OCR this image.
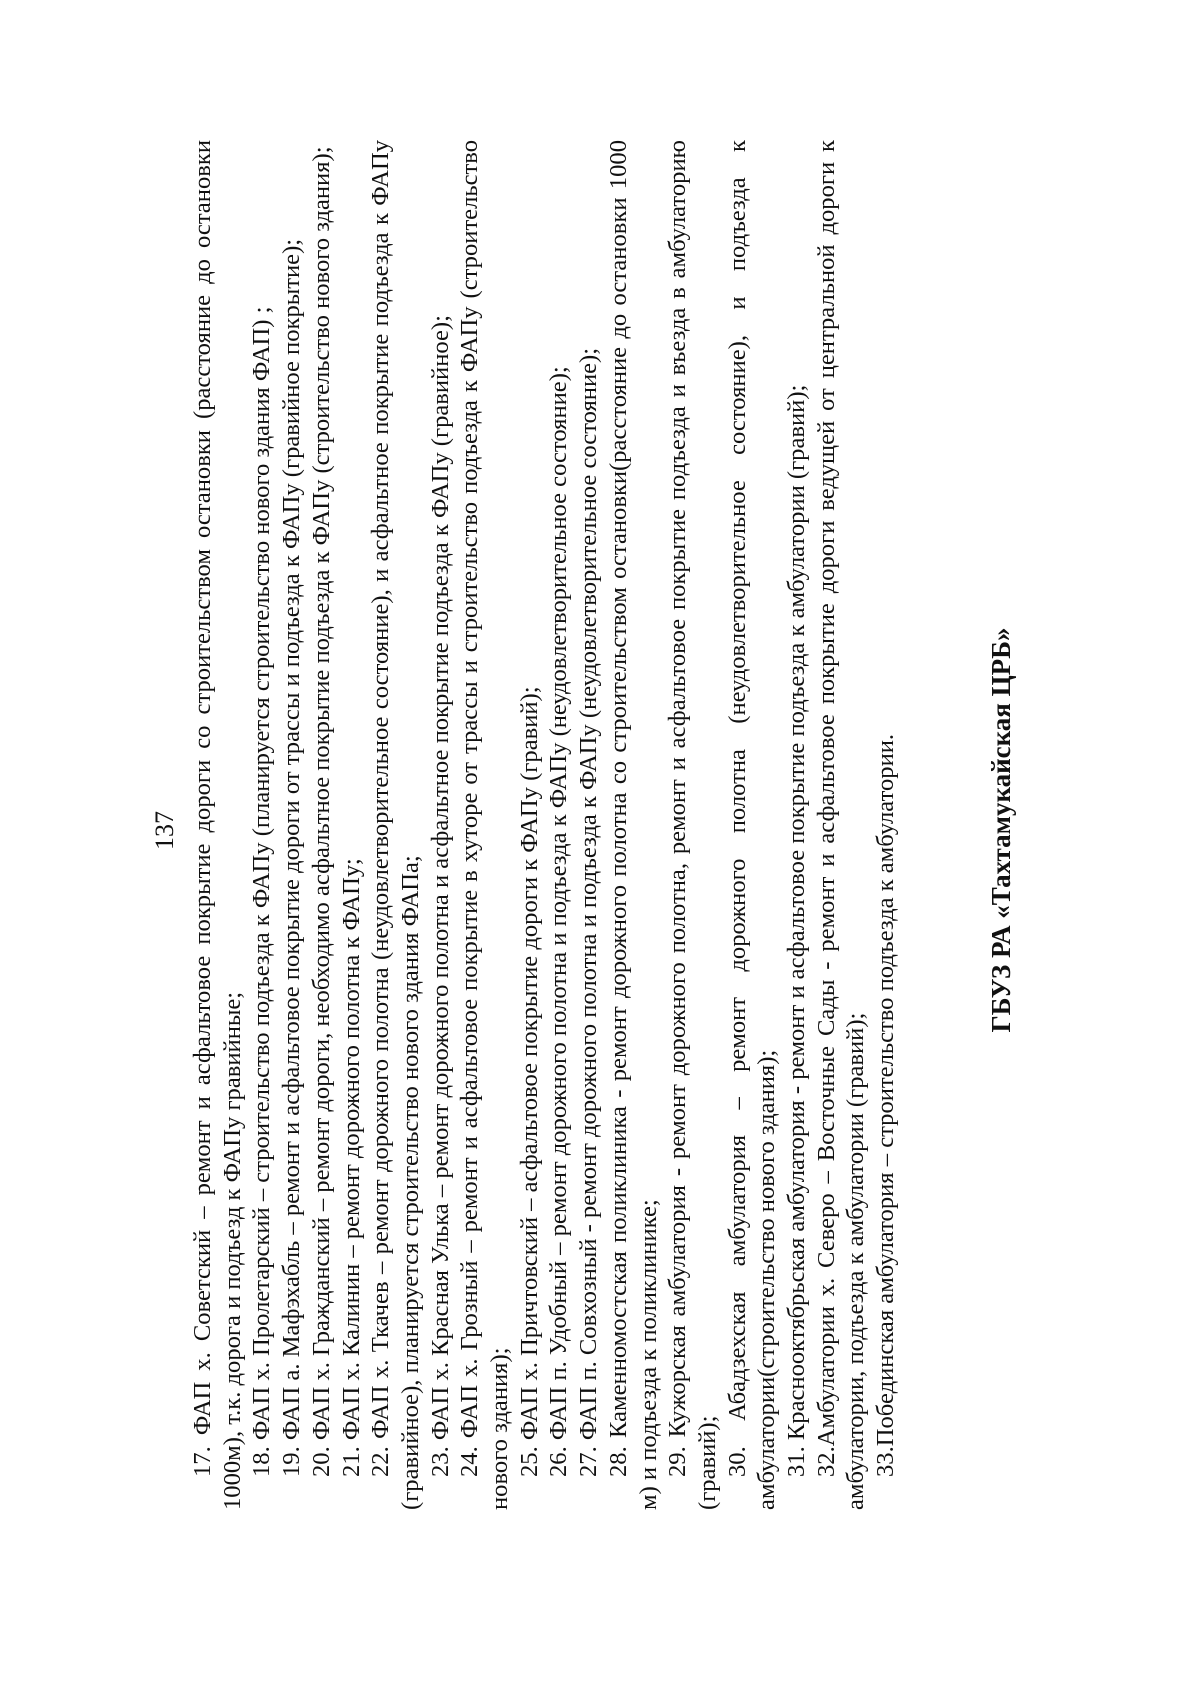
137 17. ФАП х. Советский – ремонт и асфальтовое покрытие дороги со строительством остановки (расстояние до остановки 1000м), т.к. дорога и подъезд к ФАПу гравийные; 18. ФАП х. Пролетарский – строительство подъезда к ФАПу (планируется строительство нового здания ФАП) ; 19. ФАП а. Мафэхабль – ремонт и асфальтовое покрытие дороги от трассы и подъезда к ФАПу (гравийное покрытие); 20. ФАП х. Гражданский – ремонт дороги, необходимо асфальтное покрытие подъезда к ФАПу (строительство нового здания); 21. ФАП х. Калинин – ремонт дорожного полотна к ФАПу; 22. ФАП х. Ткачев – ремонт дорожного полотна (неудовлетворительное состояние), и асфальтное покрытие подъезда к ФАПу (гравийное), планируется строительство нового здания ФАПа; 23. ФАП х. Красная Улька – ремонт дорожного полотна и асфальтное покрытие подъезда к ФАПу (гравийное); 24. ФАП х. Грозный – ремонт и асфальтовое покрытие в хуторе от трассы и строительство подъезда к ФАПу (строительство нового здания); 25. ФАП х. Причтовский – асфальтовое покрытие дороги к ФАПу (гравий); 26. ФАП п. Удобный – ремонт дорожного полотна и подъезда к ФАПу (неудовлетворительное состояние); 27. ФАП п. Совхозный - ремонт дорожного полотна и подъезда к ФАПу (неудовлетворительное состояние); 28. Каменномостская поликлиника - ремонт дорожного полотна со строительством остановки(расстояние до остановки 1000 м) и подъезда к поликлинике; 29. Кужорская амбулатория - ремонт дорожного полотна, ремонт и асфальтовое покрытие подъезда и въезда в амбулаторию (гравий); 30. Абадзехская амбулатория – ремонт дорожного полотна (неудовлетворительное состояние), и подъезда к амбулатории(строительство нового здания); 31. Краснооктябрьская амбулатория - ремонт и асфальтовое покрытие подъезда к амбулатории (гравий); 32.Амбулатории х. Северо – Восточные Сады - ремонт и асфальтовое покрытие дороги ведущей от центральной дороги к амбулатории, подъезда к амбулатории (гравий); 33.Побединская амбулатория – строительство подъезда к амбулатории.	ГБУЗ РА «Тахтамукайская ЦРБ»
